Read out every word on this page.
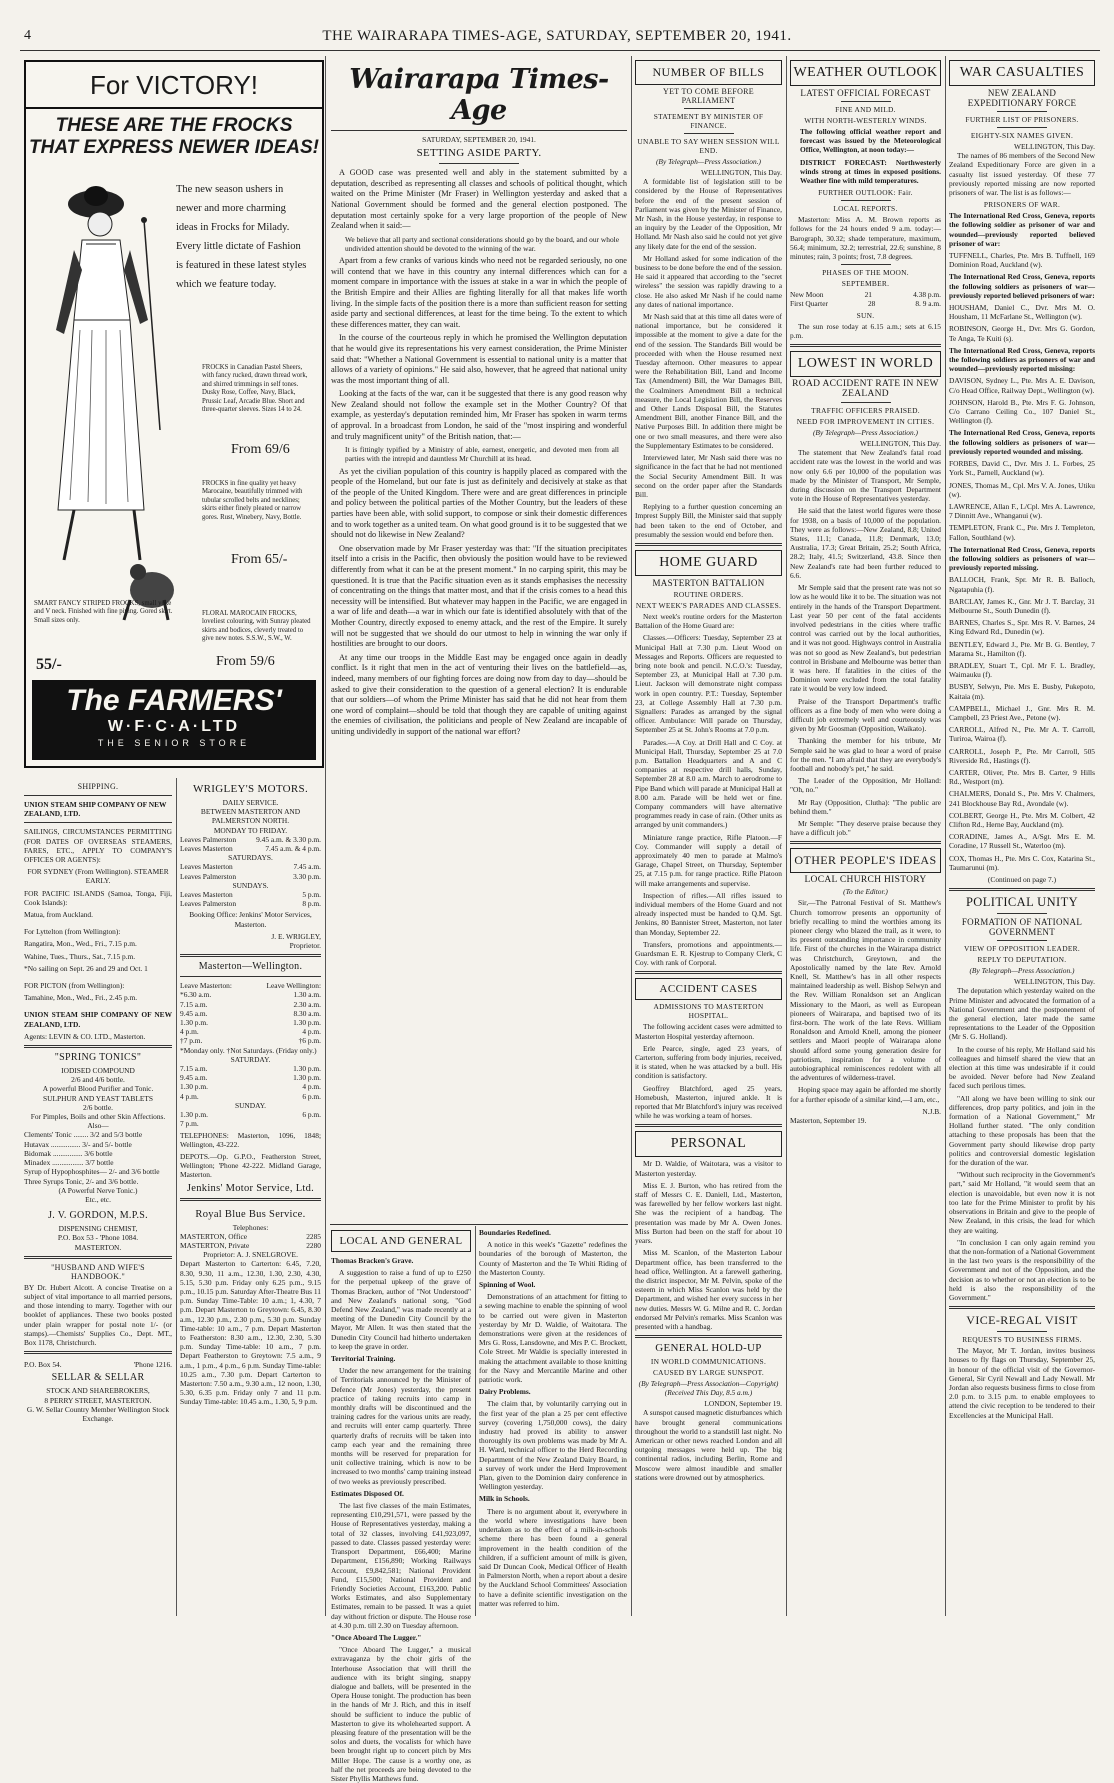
4	THE WAIRARAPA TIMES-AGE, SATURDAY, SEPTEMBER 20, 1941.
For VICTORY!
THESE ARE THE FROCKS
THAT EXPRESS NEWER IDEAS!
The new season ushers in newer and more charming ideas in Frocks for Milady. Every little dictate of Fashion is featured in these latest styles which we feature today.
FROCKS in Canadian Pastel Sheers, with fancy rucked, drawn thread work, and shirred trimmings in self tones. Dusky Rose, Coffee, Navy, Black, Prussic Leaf, Arcadie Blue. Short and three-quarter sleeves. Sizes 14 to 24.
From 69/6
FROCKS in fine quality yet heavy Marocaine, beautifully trimmed with tubular scrolled belts and necklines; skirts either finely pleated or narrow gores. Rust, Winebery, Navy, Bottle.
From 65/-
SMART FANCY STRIPED FROCKS, small yoke and V neck. Finished with fine piping. Gored skirt. Small sizes only.
55/-
FLORAL MAROCAIN FROCKS, loveliest colouring, with Sunray pleated skirts and bodices, cleverly treated to give new notes. S.S.W., S.W., W.
From 59/6
The FARMERS'
W·F·C·A·LTD
THE SENIOR STORE
SHIPPING.
UNION STEAM SHIP COMPANY OF NEW ZEALAND, LTD.
SAILINGS, CIRCUMSTANCES PERMITTING (FOR DATES OF OVERSEAS STEAMERS, FARES, ETC., APPLY TO COMPANY'S OFFICES OR AGENTS):
FOR SYDNEY (From Wellington). STEAMER EARLY.
FOR PACIFIC ISLANDS (Samoa, Tonga, Fiji, Cook Islands):
Matua, from Auckland.
For Lyttelton (from Wellington):
Rangatira, Mon., Wed., Fri., 7.15 p.m.
Wahine, Tues., Thurs., Sat., 7.15 p.m.
*No sailing on Sept. 26 and 29 and Oct. 1
FOR PICTON (from Wellington):
Tamahine, Mon., Wed., Fri., 2.45 p.m.
UNION STEAM SHIP COMPANY OF NEW ZEALAND, LTD.
Agents: LEVIN & CO. LTD., Masterton.
"SPRING TONICS"
IODISED COMPOUND
2/6 and 4/6 bottle.
A powerful Blood Purifier and Tonic.
SULPHUR AND YEAST TABLETS
2/6 bottle.
For Pimples, Boils and other Skin Affections.
Also—
Clements' Tonic ........ 3/2 and 5/3 bottle
Hutavax ................ 3/- and 5/- bottle
Bidomak ................ 3/6 bottle
Minadex ................. 3/7 bottle
Syrup of Hypophosphites— 2/- and 3/6 bottle
Three Syrups Tonic, 2/- and 3/6 bottle.
(A Powerful Nerve Tonic.)
Etc., etc.
J. V. GORDON, M.P.S.
DISPENSING CHEMIST,
P.O. Box 53 - 'Phone 1084.
MASTERTON.
"HUSBAND AND WIFE'S HANDBOOK."
BY Dr. Hubert Alcott. A concise Treatise on a subject of vital importance to all married persons, and those intending to marry. Together with our booklet of appliances. These two books posted under plain wrapper for postal note 1/- (or stamps).—Chemists' Supplies Co., Dept. MT., Box 1178, Christchurch.
P.O. Box 54.	'Phone 1216.
SELLAR & SELLAR
STOCK AND SHAREBROKERS,
8 PERRY STREET, MASTERTON.
G. W. Sellar Country Member Wellington Stock Exchange.
WRIGLEY'S MOTORS.
DAILY SERVICE.
BETWEEN MASTERTON AND PALMERSTON NORTH.
MONDAY TO FRIDAY.
Leaves Palmerston	9.45 a.m. & 3.30 p.m.
Leaves Masterton	7.45 a.m. & 4 p.m.
SATURDAYS.
Leaves Masterton	7.45 a.m.
Leaves Palmerston	3.30 p.m.
SUNDAYS.
Leaves Masterton	5 p.m.
Leaves Palmerston	8 p.m.
Booking Office: Jenkins' Motor Services, Masterton.
J. E. WRIGLEY,
Proprietor.
Masterton—Wellington.
Leave Masterton:	Leave Wellington:
*6.30 a.m.	1.30 a.m.
7.15 a.m.	2.30 a.m.
9.45 a.m.	8.30 a.m.
1.30 p.m.	1.30 p.m.
4 p.m.	4 p.m.
†7 p.m.	†6 p.m.
*Monday only. †Not Saturdays. (Friday only.)
SATURDAY.
7.15 a.m.	1.30 p.m.
9.45 a.m.	1.30 p.m.
1.30 p.m.	4 p.m.
4 p.m.	6 p.m.
SUNDAY.
1.30 p.m.	6 p.m.
7 p.m.
TELEPHONES: Masterton, 1096, 1848; Wellington, 43-222.
DEPOTS.—Op. G.P.O., Featherston Street, Wellington; 'Phone 42-222. Midland Garage, Masterton.
Jenkins' Motor Service, Ltd.
Royal Blue Bus Service.
Telephones:
MASTERTON, Office	2285
MASTERTON, Private	2280
Proprietor: A. J. SNELGROVE.
Depart Masterton to Carterton: 6.45, 7.20, 8.30, 9.30, 11 a.m., 12.30, 1.30, 2.30, 4.30, 5.15, 5.30 p.m. Friday only 6.25 p.m., 9.15 p.m., 10.15 p.m. Saturday After-Theatre Bus 11 p.m. Sunday Time-Table: 10 a.m.; 1, 4.30, 7 p.m. Depart Masterton to Greytown: 6.45, 8.30 a.m., 12.30 p.m., 2.30 p.m., 5.30 p.m. Sunday Time-table: 10 a.m., 7 p.m. Depart Masterton to Featherston: 8.30 a.m., 12.30, 2.30, 5.30 p.m. Sunday Time-table: 10 a.m., 7 p.m. Depart Featherston to Greytown: 7.5 a.m., 9 a.m., 1 p.m., 4 p.m., 6 p.m. Sunday Time-table: 10.25 a.m., 7.30 p.m. Depart Carterton to Masterton: 7.50 a.m., 9.30 a.m., 12 noon, 1.30, 5.30, 6.35 p.m. Friday only 7 and 11 p.m. Sunday Time-table: 10.45 a.m., 1.30, 5, 9 p.m.
Wairarapa Times-Age
SATURDAY, SEPTEMBER 20, 1941.
SETTING ASIDE PARTY.

A GOOD case was presented well and ably in the statement submitted by a deputation, described as representing all classes and schools of political thought, which waited on the Prime Minister (Mr Fraser) in Wellington yesterday and asked that a National Government should be formed and the general election postponed. The deputation most certainly spoke for a very large proportion of the people of New Zealand when it said:—

We believe that all party and sectional considerations should go by the board, and our whole undivided attention should be devoted to the winning of the war.

Apart from a few cranks of various kinds who need not be regarded seriously, no one will contend that we have in this country any internal differences which can for a moment compare in importance with the issues at stake in a war in which the people of the British Empire and their Allies are fighting literally for all that makes life worth living. In the simple facts of the position there is a more than sufficient reason for setting aside party and sectional differences, at least for the time being. To the extent to which these differences matter, they can wait.

In the course of the courteous reply in which he promised the Wellington deputation that he would give its representations his very earnest consideration, the Prime Minister said that: "Whether a National Government is essential to national unity is a matter that allows of a variety of opinions." He said also, however, that he agreed that national unity was the most important thing of all.

Looking at the facts of the war, can it be suggested that there is any good reason why New Zealand should not follow the example set in the Mother Country? Of that example, as yesterday's deputation reminded him, Mr Fraser has spoken in warm terms of approval. In a broadcast from London, he said of the "most inspiring and wonderful and truly magnificent unity" of the British nation, that:—

It is fittingly typified by a Ministry of able, earnest, energetic, and devoted men from all parties with the intrepid and dauntless Mr Churchill at its head.

As yet the civilian population of this country is happily placed as compared with the people of the Homeland, but our fate is just as definitely and decisively at stake as that of the people of the United Kingdom. There were and are great differences in principle and policy between the political parties of the Mother Country, but the leaders of these parties have been able, with solid support, to compose or sink their domestic differences and to work together as a united team. On what good ground is it to be suggested that we should not do likewise in New Zealand?

One observation made by Mr Fraser yesterday was that: "If the situation precipitates itself into a crisis in the Pacific, then obviously the position would have to be reviewed differently from what it can be at the present moment." In no carping spirit, this may be questioned. It is true that the Pacific situation even as it stands emphasises the necessity of concentrating on the things that matter most, and that if the crisis comes to a head this necessity will be intensified. But whatever may happen in the Pacific, we are engaged in a war of life and death—a war in which our fate is identified absolutely with that of the Mother Country, directly exposed to enemy attack, and the rest of the Empire. It surely will not be suggested that we should do our utmost to help in winning the war only if hostilities are brought to our doors.

At any time our troops in the Middle East may be engaged once again in deadly conflict. Is it right that men in the act of venturing their lives on the battlefield—as, indeed, many members of our fighting forces are doing now from day to day—should be asked to give their consideration to the question of a general election? It is endurable that our soldiers—of whom the Prime Minister has said that he did not hear from them one word of complaint—should be told that though they are capable of uniting against the enemies of civilisation, the politicians and people of New Zealand are incapable of uniting undividedly in support of the national war effort?

LOCAL AND GENERAL
Thomas Bracken's Grave.

A suggestion to raise a fund of up to £250 for the perpetual upkeep of the grave of Thomas Bracken, author of "Not Understood" and New Zealand's national song, "God Defend New Zealand," was made recently at a meeting of the Dunedin City Council by the Mayor, Mr Allen. It was then stated that the Dunedin City Council had hitherto undertaken to keep the grave in order.

Territorial Training.

Under the new arrangement for the training of Territorials announced by the Minister of Defence (Mr Jones) yesterday, the present practice of taking recruits into camp in monthly drafts will be discontinued and the training cadres for the various units are ready, and recruits will enter camp quarterly. Three quarterly drafts of recruits will be taken into camp each year and the remaining three months will be reserved for preparation for unit collective training, which is now to be increased to two months' camp training instead of two weeks as previously prescribed.

Estimates Disposed Of.

The last five classes of the main Estimates, representing £10,291,571, were passed by the House of Representatives yesterday, making a total of 32 classes, involving £41,923,097, passed to date. Classes passed yesterday were: Transport Department, £66,400; Marine Department, £156,890; Working Railways Account, £9,842,581; National Provident Fund, £15,500; National Provident and Friendly Societies Account, £163,200. Public Works Estimates, and also Supplementary Estimates, remain to be passed. It was a quiet day without friction or dispute. The House rose at 4.30 p.m. till 2.30 on Tuesday afternoon.

"Once Aboard The Lugger."

"Once Aboard The Lugger," a musical extravaganza by the choir girls of the Interhouse Association that will thrill the audience with its bright singing, snappy dialogue and ballets, will be presented in the Opera House tonight. The production has been in the hands of Mr J. Rich, and this in itself should be sufficient to induce the public of Masterton to give its wholehearted support. A pleasing feature of the presentation will be the solos and duets, the vocalists for which have been brought right up to concert pitch by Mrs Miller Hope. The cause is a worthy one, as half the net proceeds are being devoted to the Sister Phyllis Matthews fund.

Boundaries Redefined.

A notice in this week's "Gazette" redefines the boundaries of the borough of Masterton, the County of Masterton and the Te Whiti Riding of the Masterton County.

Spinning of Wool.

Demonstrations of an attachment for fitting to a sewing machine to enable the spinning of wool to be carried out were given in Masterton yesterday by Mr D. Waldie, of Waitotara. The demonstrations were given at the residences of Mrs G. Ross, Lansdowne, and Mrs P. C. Brockett, Cole Street. Mr Waldie is specially interested in making the attachment available to those knitting for the Navy and Mercantile Marine and other patriotic work.

Dairy Problems.

The claim that, by voluntarily carrying out in the first year of the plan a 25 per cent effective survey (covering 1,750,000 cows), the dairy industry had proved its ability to answer thoroughly its own problems was made by Mr A. H. Ward, technical officer to the Herd Recording Department of the New Zealand Dairy Board, in a survey of work under the Herd Improvement Plan, given to the Dominion dairy conference in Wellington yesterday.

Milk in Schools.

There is no argument about it, everywhere in the world where investigations have been undertaken as to the effect of a milk-in-schools scheme there has been found a general improvement in the health condition of the children, if a sufficient amount of milk is given, said Dr Duncan Cook, Medical Officer of Health in Palmerston North, when a report about a desire by the Auckland School Committees' Association to have a definite scientific investigation on the matter was referred to him.

NUMBER OF BILLS
YET TO COME BEFORE PARLIAMENT
STATEMENT BY MINISTER OF FINANCE.
UNABLE TO SAY WHEN SESSION WILL END.
(By Telegraph—Press Association.)
WELLINGTON, This Day.

A formidable list of legislation still to be considered by the House of Representatives before the end of the present session of Parliament was given by the Minister of Finance, Mr Nash, in the House yesterday, in response to an inquiry by the Leader of the Opposition, Mr Holland. Mr Nash also said he could not yet give any likely date for the end of the session.

Mr Holland asked for some indication of the business to be done before the end of the session. He said it appeared that according to the "secret wireless" the session was rapidly drawing to a close. He also asked Mr Nash if he could name any dates of national importance.

Mr Nash said that at this time all dates were of national importance, but he considered it impossible at the moment to give a date for the end of the session. The Standards Bill would be proceeded with when the House resumed next Tuesday afternoon. Other measures to appear were the Rehabilitation Bill, Land and Income Tax (Amendment) Bill, the War Damages Bill, the Coalminers Amendment Bill a technical measure, the Local Legislation Bill, the Reserves and Other Lands Disposal Bill, the Statutes Amendment Bill, another Finance Bill, and the Native Purposes Bill. In addition there might be one or two small measures, and there were also the Supplementary Estimates to be considered.

Interviewed later, Mr Nash said there was no significance in the fact that he had not mentioned the Social Security Amendment Bill. It was second on the order paper after the Standards Bill.

Replying to a further question concerning an Imprest Supply Bill, the Minister said that supply had been taken to the end of October, and presumably the session would end before then.

HOME GUARD
MASTERTON BATTALION
ROUTINE ORDERS.
NEXT WEEK'S PARADES AND CLASSES.

Next week's routine orders for the Masterton Battalion of the Home Guard are:

Classes.—Officers: Tuesday, September 23 at Municipal Hall at 7.30 p.m. Lieut Wood on Messages and Reports. Officers are requested to bring note book and pencil. N.C.O.'s: Tuesday, September 23, at Municipal Hall at 7.30 p.m. Lieut. Jackson will demonstrate night compass work in open country. P.T.: Tuesday, September 23, at College Assembly Hall at 7.30 p.m. Signallers: Parades as arranged by the signal officer. Ambulance: Will parade on Thursday, September 25 at St. John's Rooms at 7.0 p.m.

Parades.—A Coy. at Drill Hall and C Coy. at Municipal Hall, Thursday, September 25 at 7.0 p.m. Battalion Headquarters and A and C companies at respective drill halls, Sunday, September 28 at 8.0 a.m. March to aerodrome to Pipe Band which will parade at Municipal Hall at 8.00 a.m. Parade will be held wet or fine. Company commanders will have alternative programmes ready in case of rain. (Other units as arranged by unit commanders.)

Miniature range practice, Rifle Platoon.—F Coy. Commander will supply a detail of approximately 40 men to parade at Malmo's Garage, Chapel Street, on Thursday, September 25, at 7.15 p.m. for range practice. Rifle Platoon will make arrangements and supervise.

Inspection of rifles.—All rifles issued to individual members of the Home Guard and not already inspected must be handed to Q.M. Sgt. Jenkins, 80 Bannister Street, Masterton, not later than Monday, September 22.

Transfers, promotions and appointments.—Guardsman E. R. Kjestrup to Company Clerk, C Coy. with rank of Corporal.

ACCIDENT CASES
ADMISSIONS TO MASTERTON HOSPITAL.

The following accident cases were admitted to Masterton Hospital yesterday afternoon.

Erle Pearce, single, aged 23 years, of Carterton, suffering from body injuries, received, it is stated, when he was attacked by a bull. His condition is satisfactory.

Geoffrey Blatchford, aged 25 years, Homebush, Masterton, injured ankle. It is reported that Mr Blatchford's injury was received while he was working a team of horses.

PERSONAL

Mr D. Waldie, of Waitotara, was a visitor to Masterton yesterday.

Miss E. J. Burton, who has retired from the staff of Messrs C. E. Daniell, Ltd., Masterton, was farewelled by her fellow workers last night. She was the recipient of a handbag. The presentation was made by Mr A. Owen Jones. Miss Burton had been on the staff for about 10 years.

Miss M. Scanlon, of the Masterton Labour Department office, has been transferred to the head office, Wellington. At a farewell gathering, the district inspector, Mr M. Pelvin, spoke of the esteem in which Miss Scanlon was held by the Department, and wished her every success in her new duties. Messrs W. G. Milne and R. C. Jordan endorsed Mr Pelvin's remarks. Miss Scanlon was presented with a handbag.

GENERAL HOLD-UP
IN WORLD COMMUNICATIONS.
CAUSED BY LARGE SUNSPOT.
(By Telegraph—Press Association—Copyright) (Received This Day, 8.5 a.m.)
LONDON, September 19.

A sunspot caused magnetic disturbances which have brought general communications throughout the world to a standstill last night. No American or other news reached London and all outgoing messages were held up. The big continental radios, including Berlin, Rome and Moscow were almost inaudible and smaller stations were drowned out by atmospherics.

WEATHER OUTLOOK
LATEST OFFICIAL FORECAST
FINE AND MILD.
WITH NORTH-WESTERLY WINDS.

The following official weather report and forecast was issued by the Meteorological Office, Wellington, at noon today:—

DISTRICT FORECAST: Northwesterly winds strong at times in exposed positions. Weather fine with mild temperatures.

FURTHER OUTLOOK: Fair.
LOCAL REPORTS.

Masterton: Miss A. M. Brown reports as follows for the 24 hours ended 9 a.m. today:—Barograph, 30.32; shade temperature, maximum, 56.4; minimum, 32.2; terrestrial, 22.6; sunshine, 8 minutes; rain, 3 points; frost, 7.8 degrees.

PHASES OF THE MOON.
SEPTEMBER.
New Moon	21	4.38 p.m.
First Quarter	28	8. 9 a.m.
SUN.

The sun rose today at 6.15 a.m.; sets at 6.15 p.m.

LOWEST IN WORLD
ROAD ACCIDENT RATE IN NEW ZEALAND
TRAFFIC OFFICERS PRAISED.
NEED FOR IMPROVEMENT IN CITIES.
(By Telegraph—Press Association.)
WELLINGTON, This Day.

The statement that New Zealand's fatal road accident rate was the lowest in the world and was now only 6.6 per 10,000 of the population was made by the Minister of Transport, Mr Semple, during discussion on the Transport Department vote in the House of Representatives yesterday.

He said that the latest world figures were those for 1938, on a basis of 10,000 of the population. They were as follows:—New Zealand, 8.8; United States, 11.1; Canada, 11.8; Denmark, 13.0; Australia, 17.3; Great Britain, 25.2; South Africa, 28.2; Italy, 41.5; Switzerland, 43.8. Since then New Zealand's rate had been further reduced to 6.6.

Mr Semple said that the present rate was not so low as he would like it to be. The situation was not entirely in the hands of the Transport Department. Last year 50 per cent of the fatal accidents involved pedestrians in the cities where traffic control was carried out by the local authorities, and it was not good. Highways control in Australia was not so good as New Zealand's, but pedestrian control in Brisbane and Melbourne was better than it was here. If fatalities in the cities of the Dominion were excluded from the total fatality rate it would be very low indeed.

Praise of the Transport Department's traffic officers as a fine body of men who were doing a difficult job extremely well and courteously was given by Mr Goosman (Opposition, Waikato).

Thanking the member for his tribute, Mr Semple said he was glad to hear a word of praise for the men. "I am afraid that they are everybody's football and nobody's pet," he said.

The Leader of the Opposition, Mr Holland: "Oh, no."

Mr Ray (Opposition, Clutha): "The public are behind them."

Mr Semple: "They deserve praise because they have a difficult job."

OTHER PEOPLE'S IDEAS
LOCAL CHURCH HISTORY
(To the Editor.)

Sir,—The Patronal Festival of St. Matthew's Church tomorrow presents an opportunity of briefly recalling to mind the worthies among its pioneer clergy who blazed the trail, as it were, to its present outstanding importance in community life. First of the churches in the Wairarapa district was Christchurch, Greytown, and the Apostolically named by the late Rev. Arnold Knell, St. Matthew's has in all other respects maintained leadership as well. Bishop Selwyn and the Rev. William Ronaldson set an Anglican Missionary to the Maori, as well as European pioneers of Wairarapa, and baptised two of its first-born. The work of the late Revs. William Ronaldson and Arnold Knell, among the pioneer settlers and Maori people of Wairarapa alone should afford some young generation desire for patriotism, inspiration for a volume of autobiographical reminiscences redolent with all the adventures of wilderness-travel.

Hoping space may again be afforded me shortly for a further episode of a similar kind,—I am, etc.,

N.J.B.
Masterton, September 19.
WAR CASUALTIES
NEW ZEALAND EXPEDITIONARY FORCE
FURTHER LIST OF PRISONERS.
EIGHTY-SIX NAMES GIVEN.
WELLINGTON, This Day.

The names of 86 members of the Second New Zealand Expeditionary Force are given in a casualty list issued yesterday. Of these 77 previously reported missing are now reported prisoners of war. The list is as follows:—

PRISONERS OF WAR.

The International Red Cross, Geneva, reports the following soldier as prisoner of war and wounded—previously reported believed prisoner of war:

TUFFNELL, Charles, Pte. Mrs B. Tuffnell, 169 Dominion Road, Auckland (w).

The International Red Cross, Geneva, reports the following soldiers as prisoners of war—previously reported believed prisoners of war:

HOUSHAM, Daniel C., Dvr. Mrs M. O. Housham, 11 McFarlane St., Wellington (w).

ROBINSON, George H., Dvr. Mrs G. Gordon, Te Anga, Te Kuiti (s).

The International Red Cross, Geneva, reports the following soldiers as prisoners of war and wounded—previously reported missing:

DAVISON, Sydney L., Pte. Mrs A. E. Davison, C/o Head Office, Railway Dept., Wellington (w).

JOHNSON, Harold B., Pte. Mrs F. G. Johnson, C/o Carrano Ceiling Co., 107 Daniel St., Wellington (f).

The International Red Cross, Geneva, reports the following soldiers as prisoners of war—previously reported wounded and missing.

FORBES, David C., Dvr. Mrs J. L. Forbes, 25 York St., Parnell, Auckland (w).

JONES, Thomas M., Cpl. Mrs V. A. Jones, Utiku (w).

LAWRENCE, Allan F., L/Cpl. Mrs A. Lawrence, 7 Dinnitt Ave., Whanganui (w).

TEMPLETON, Frank C., Pte. Mrs J. Templeton, Fallon, Southland (w).

The International Red Cross, Geneva, reports the following soldiers as prisoners of war—previously reported missing.

BALLOCH, Frank, Spr. Mr R. B. Balloch, Ngatapuhia (f).

BARCLAY, James K., Gnr. Mr J. T. Barclay, 31 Melbourne St., South Dunedin (f).

BARNES, Charles S., Spr. Mrs R. V. Barnes, 24 King Edward Rd., Dunedin (w).

BENTLEY, Edward J., Pte. Mr B. G. Bentley, 7 Marama St., Hamilton (f).

BRADLEY, Stuart T., Cpl. Mr F. L. Bradley, Waimauku (f).

BUSBY, Selwyn, Pte. Mrs E. Busby, Pukepoto, Kaitaia (m).

CAMPBELL, Michael J., Gnr. Mrs R. M. Campbell, 23 Priest Ave., Petone (w).

CARROLL, Alfred N., Pte. Mr A. T. Carroll, Turiroa, Wairoa (f).

CARROLL, Joseph P., Pte. Mr Carroll, 505 Riverside Rd., Hastings (f).

CARTER, Oliver, Pte. Mrs B. Carter, 9 Hills Rd., Westport (m).

CHALMERS, Donald S., Pte. Mrs V. Chalmers, 241 Blockhouse Bay Rd., Avondale (w).

COLBERT, George H., Pte. Mrs M. Colbert, 42 Clifton Rd., Herne Bay, Auckland (m).

CORADINE, James A., A/Sgt. Mrs E. M. Coradine, 17 Russell St., Waterloo (m).

COX, Thomas H., Pte. Mrs C. Cox, Katarina St., Taumarunui (m).

(Continued on page 7.)
POLITICAL UNITY
FORMATION OF NATIONAL GOVERNMENT
VIEW OF OPPOSITION LEADER.
REPLY TO DEPUTATION.
(By Telegraph—Press Association.)
WELLINGTON, This Day.

The deputation which yesterday waited on the Prime Minister and advocated the formation of a National Government and the postponement of the general election, later made the same representations to the Leader of the Opposition (Mr S. G. Holland).

In the course of his reply, Mr Holland said his colleagues and himself shared the view that an election at this time was undesirable if it could be avoided. Never before had New Zealand faced such perilous times.

"All along we have been willing to sink our differences, drop party politics, and join in the formation of a National Government," Mr Holland further stated. "The only condition attaching to these proposals has been that the Government party should likewise drop party politics and controversial domestic legislation for the duration of the war.

"Without such reciprocity in the Government's part," said Mr Holland, "it would seem that an election is unavoidable, but even now it is not too late for the Prime Minister to profit by his observations in Britain and give to the people of New Zealand, in this crisis, the lead for which they are waiting.

"In conclusion I can only again remind you that the non-formation of a National Government in the last two years is the responsibility of the Government and not of the Opposition, and the decision as to whether or not an election is to be held is also the responsibility of the Government."

VICE-REGAL VISIT
REQUESTS TO BUSINESS FIRMS.

The Mayor, Mr T. Jordan, invites business houses to fly flags on Thursday, September 25, in honour of the official visit of the Governor-General, Sir Cyril Newall and Lady Newall. Mr Jordan also requests business firms to close from 2.0 p.m. to 3.15 p.m. to enable employees to attend the civic reception to be tendered to their Excellencies at the Municipal Hall.
